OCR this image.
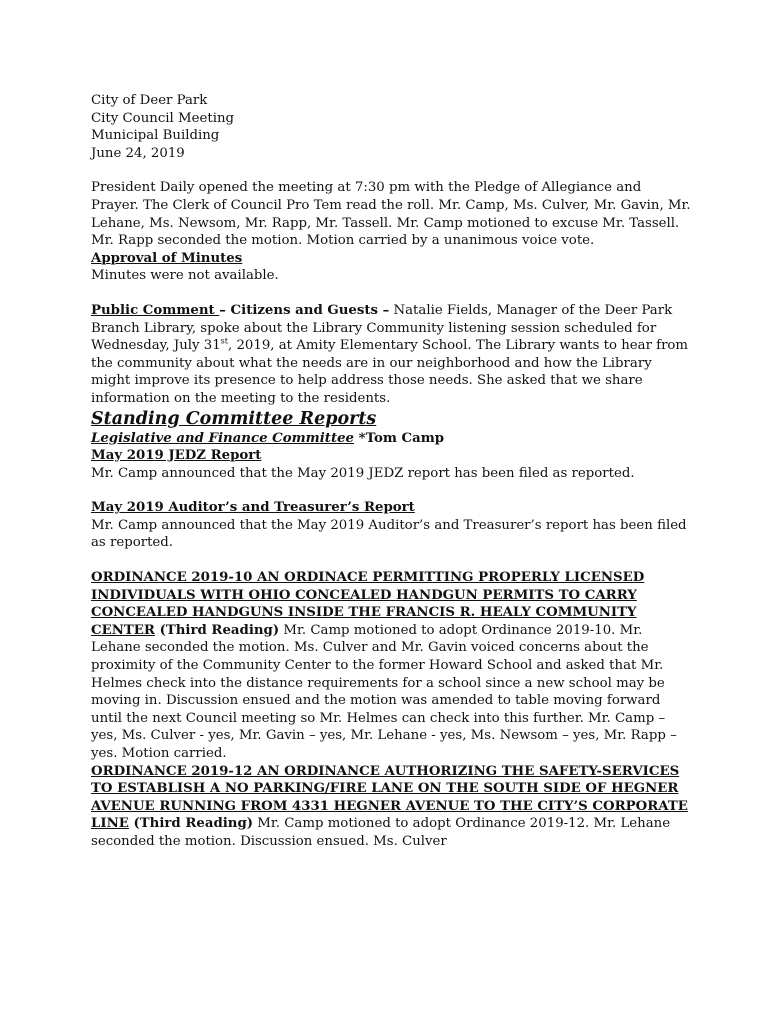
City of Deer Park

City Council Meeting

Municipal Building

June 24, 2019

President Daily opened the meeting at 7:30 pm with the Pledge of Allegiance and Prayer. The Clerk of Council Pro Tem read the roll. Mr. Camp, Ms. Culver, Mr. Gavin, Mr. Lehane, Ms. Newsom, Mr. Rapp, Mr. Tassell. Mr. Camp motioned to excuse Mr. Tassell. Mr. Rapp seconded the motion. Motion carried by a unanimous voice vote.

Approval of Minutes

Minutes were not available.

Public Comment – Citizens and Guests – Natalie Fields, Manager of the Deer Park Branch Library, spoke about the Library Community listening session scheduled for Wednesday, July 31st, 2019, at Amity Elementary School. The Library wants to hear from the community about what the needs are in our neighborhood and how the Library might improve its presence to help address those needs. She asked that we share information on the meeting to the residents.

Standing Committee Reports

Legislative and Finance Committee *Tom Camp

May 2019 JEDZ Report

Mr. Camp announced that the May 2019 JEDZ report has been filed as reported.

May 2019 Auditor’s and Treasurer’s Report

Mr. Camp announced that the May 2019 Auditor’s and Treasurer’s report has been filed as reported.

ORDINANCE 2019-10 AN ORDINACE PERMITTING PROPERLY LICENSED INDIVIDUALS WITH OHIO CONCEALED HANDGUN PERMITS TO CARRY CONCEALED HANDGUNS INSIDE THE FRANCIS R. HEALY COMMUNITY CENTER (Third Reading) Mr. Camp motioned to adopt Ordinance 2019-10. Mr. Lehane seconded the motion. Ms. Culver and Mr. Gavin voiced concerns about the proximity of the Community Center to the former Howard School and asked that Mr. Helmes check into the distance requirements for a school since a new school may be moving in. Discussion ensued and the motion was amended to table moving forward until the next Council meeting so Mr. Helmes can check into this further. Mr. Camp – yes, Ms. Culver - yes, Mr. Gavin – yes, Mr. Lehane - yes, Ms. Newsom – yes, Mr. Rapp – yes. Motion carried.

ORDINANCE 2019-12 AN ORDINANCE AUTHORIZING THE SAFETY-SERVICES TO ESTABLISH A NO PARKING/FIRE LANE ON THE SOUTH SIDE OF HEGNER AVENUE RUNNING FROM 4331 HEGNER AVENUE TO THE CITY’S CORPORATE LINE (Third Reading) Mr. Camp motioned to adopt Ordinance 2019-12. Mr. Lehane seconded the motion. Discussion ensued. Ms. Culver
